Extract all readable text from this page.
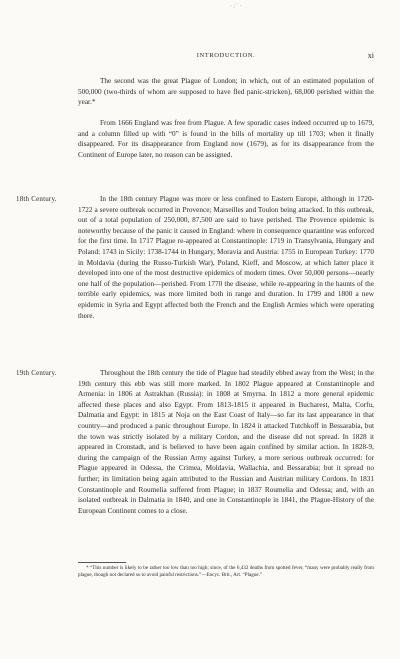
·:¨·
INTRODUCTION.	xi

The second was the great Plague of London; in which, out of an estimated population of 500,000 (two-thirds of whom are supposed to have fled panic-stricken), 68,000 perished within the year.*

From 1666 England was free from Plague. A few sporadic cases indeed occurred up to 1679, and a column filled up with “0” is found in the bills of mortality up till 1703; when it finally disappeared. For its disappearance from England now (1679), as for its disappearance from the Continent of Europe later, no reason can be assigned.

18th Century.	In the 18th century Plague was more or less confined to Eastern Europe, although in 1720-1722 a severe outbreak occurred in Provence; Marseilles and Toulon being attacked. In this outbreak, out of a total population of 250,000, 87,500 are said to have perished. The Provence epidemic is noteworthy because of the panic it caused in England: where in consequence quarantine was enforced for the first time. In 1717 Plague re-appeared at Constantinople: 1719 in Transylvania, Hungary and Poland: 1743 in Sicily: 1738-1744 in Hungary, Moravia and Austria: 1755 in European Turkey: 1770 in Moldavia (during the Russo-Turkish War), Poland, Kieff, and Moscow, at which latter place it developed into one of the most destructive epidemics of modern times. Over 50,000 persons—nearly one half of the population—perished. From 1770 the disease, while re-appearing in the haunts of the terrible early epidemics, was more limited both in range and duration. In 1799 and 1800 a new epidemic in Syria and Egypt affected both the French and the English Armies which were operating there.

19th Century.	Throughout the 18th century the tide of Plague had steadily ebbed away from the West; in the 19th century this ebb was still more marked. In 1802 Plague appeared at Constantinople and Armenia: in 1806 at Astrakhan (Russia): in 1808 at Smyrna. In 1812 a more general epidemic affected these places and also Egypt. From 1813-1815 it appeared in Bucharest, Malta, Corfu, Dalmatia and Egypt: in 1815 at Noja on the East Coast of Italy—so far its last appearance in that country—and produced a panic throughout Europe. In 1824 it attacked Tutchkoff in Bessarabia, but the town was strictly isolated by a military Cordon, and the disease did not spread. In 1828 it appeared in Cronstadt, and is believed to have been again confined by similar action. In 1828-9, during the campaign of the Russian Army against Turkey, a more serious outbreak occurred: for Plague appeared in Odessa, the Crimea, Moldavia, Wallachia, and Bessarabia; but it spread no further; its limitation being again attributed to the Russian and Austrian military Cordons. In 1831 Constantinople and Roumelia suffered from Plague; in 1837 Roumelia and Odessa; and, with an isolated outbreak in Dalmatia in 1840, and one in Constantinople in 1841, the Plague-History of the European Continent comes to a close.

* “This number is likely to be rather too low than too high; since, of the 6,432 deaths from spotted fever, “many were probably really from plague, though not declared so to avoid painful restrictions.”—Encyc. Brit., Art. “Plague.”
